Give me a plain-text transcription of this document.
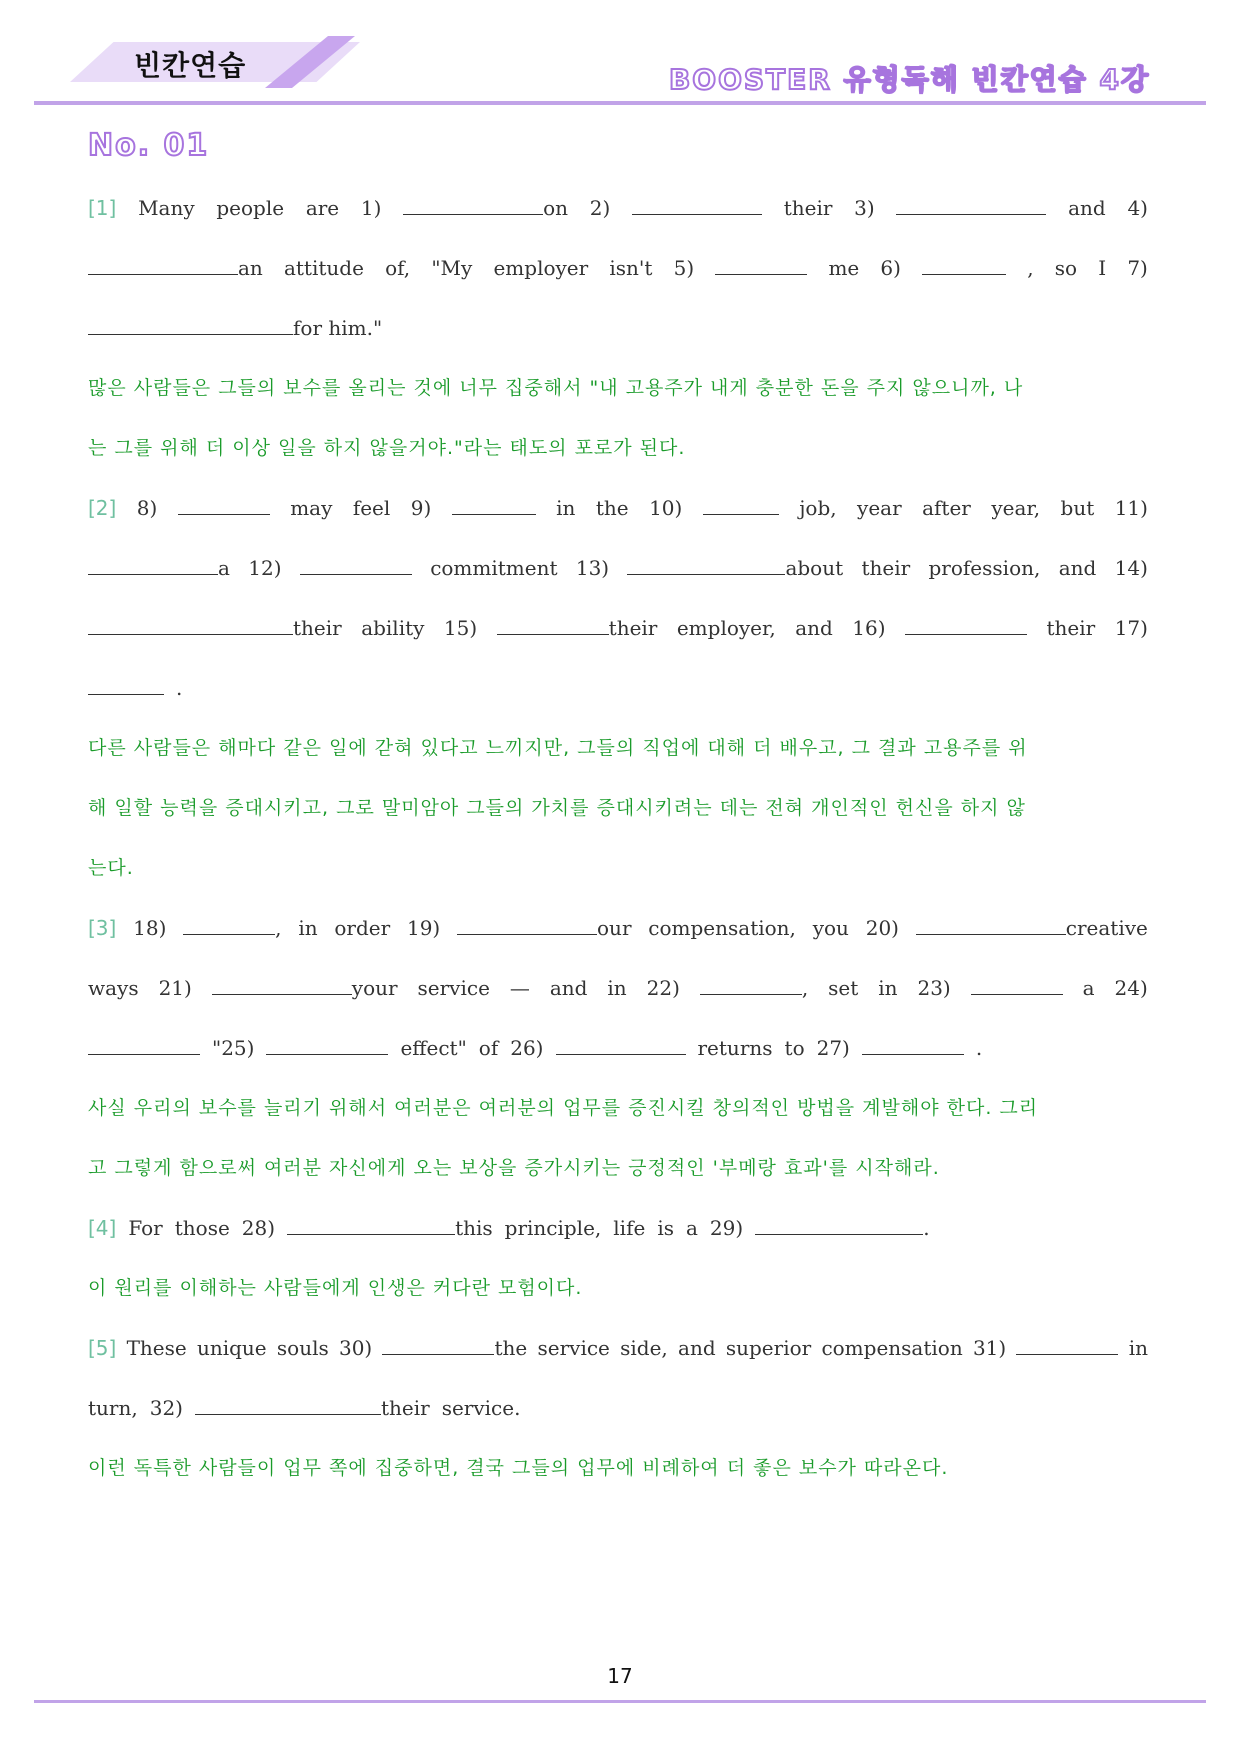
빈칸연습	BOOSTER 유형독해 빈칸연습 4강
No. 01
[1] Many people are 1)	on 2)	their 3)	and 4)
an attitude of, "My employer isn't 5)	me 6)	, so I 7)
for him."
많은 사람들은 그들의 보수를 올리는 것에 너무 집중해서 "내 고용주가 내게 충분한 돈을 주지 않으니까, 나
는 그를 위해 더 이상 일을 하지 않을거야."라는 태도의 포로가 된다.
[2] 8)	may feel 9)	in the 10)	job, year after year, but 11)
a 12)	commitment 13)	about their profession, and 14)
their ability 15)	their employer, and 16)	their 17)
.
다른 사람들은 해마다 같은 일에 갇혀 있다고 느끼지만, 그들의 직업에 대해 더 배우고, 그 결과 고용주를 위
해 일할 능력을 증대시키고, 그로 말미암아 그들의 가치를 증대시키려는 데는 전혀 개인적인 헌신을 하지 않
는다.
[3] 18)	, in order 19)	our compensation, you 20)	creative
ways 21)	your service — and in 22)	, set in 23)	a 24)
"25)	effect" of 26)	returns to 27)	.
사실 우리의 보수를 늘리기 위해서 여러분은 여러분의 업무를 증진시킬 창의적인 방법을 계발해야 한다. 그리
고 그렇게 함으로써 여러분 자신에게 오는 보상을 증가시키는 긍정적인 '부메랑 효과'를 시작해라.
[4] For those 28)	this principle, life is a 29)	.
이 원리를 이해하는 사람들에게 인생은 커다란 모험이다.
[5] These unique souls 30)	the service side, and superior compensation 31)	in
turn, 32)	their service.
이런 독특한 사람들이 업무 쪽에 집중하면, 결국 그들의 업무에 비례하여 더 좋은 보수가 따라온다.
17
